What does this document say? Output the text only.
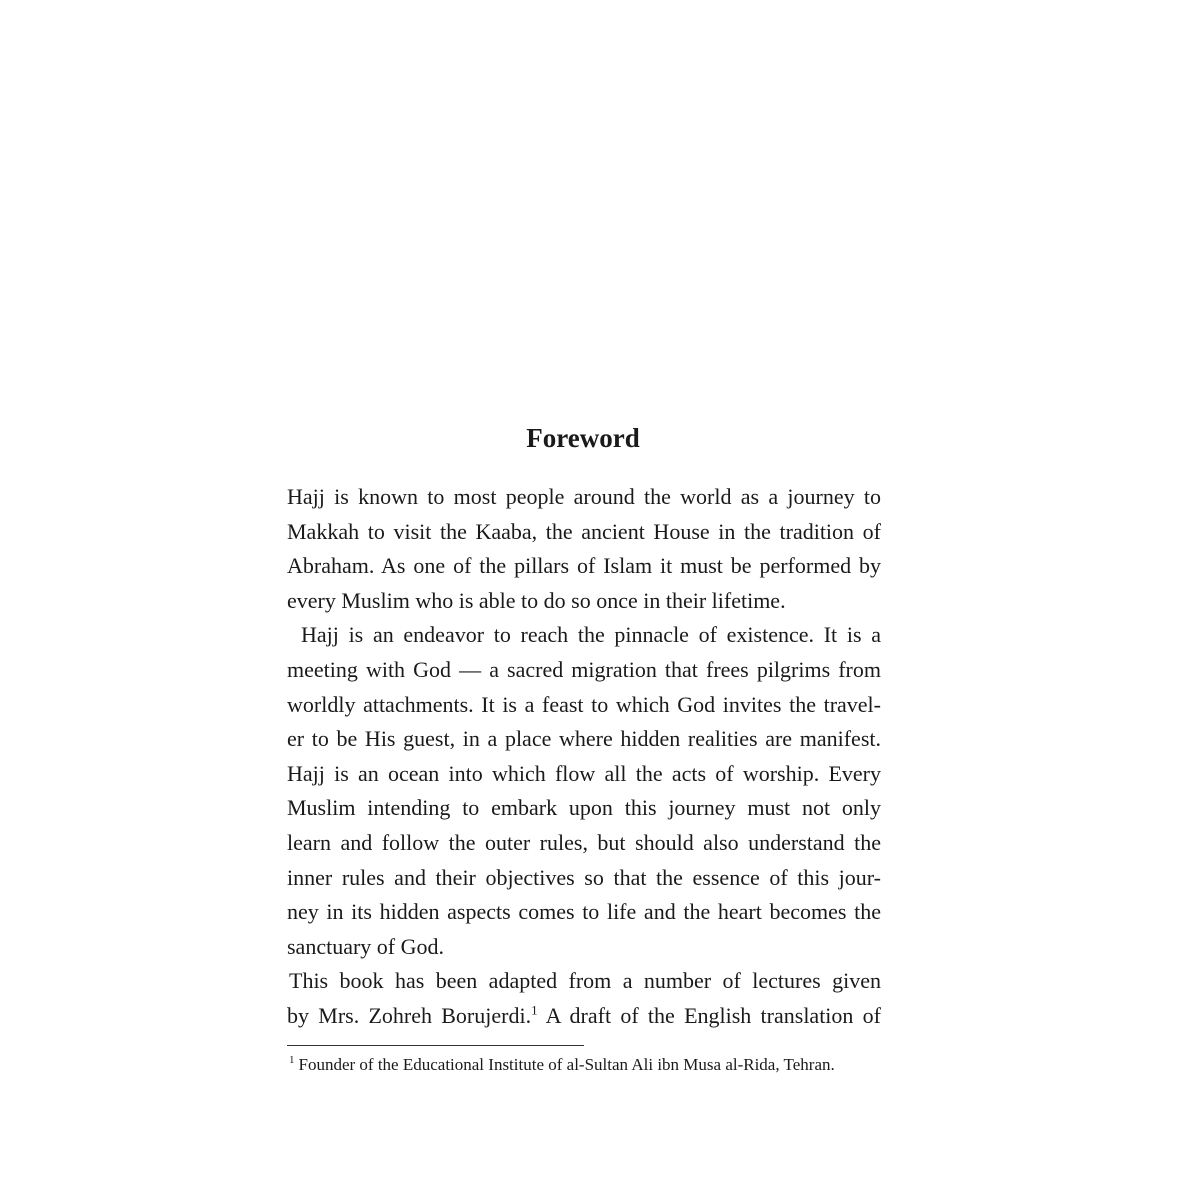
Foreword
Hajj is known to most people around the world as a journey to
Makkah to visit the Kaaba, the ancient House in the tradition of
Abraham. As one of the pillars of Islam it must be performed by
every Muslim who is able to do so once in their lifetime.
Hajj is an endeavor to reach the pinnacle of existence. It is a
meeting with God — a sacred migration that frees pilgrims from
worldly attachments. It is a feast to which God invites the travel-
er to be His guest, in a place where hidden realities are manifest.
Hajj is an ocean into which flow all the acts of worship. Every
Muslim intending to embark upon this journey must not only
learn and follow the outer rules, but should also understand the
inner rules and their objectives so that the essence of this jour-
ney in its hidden aspects comes to life and the heart becomes the
sanctuary of God.
This book has been adapted from a number of lectures given
by Mrs. Zohreh Borujerdi.$^1$ A draft of the English translation of
$^1$ Founder of the Educational Institute of al-Sultan Ali ibn Musa al-Rida, Tehran.
